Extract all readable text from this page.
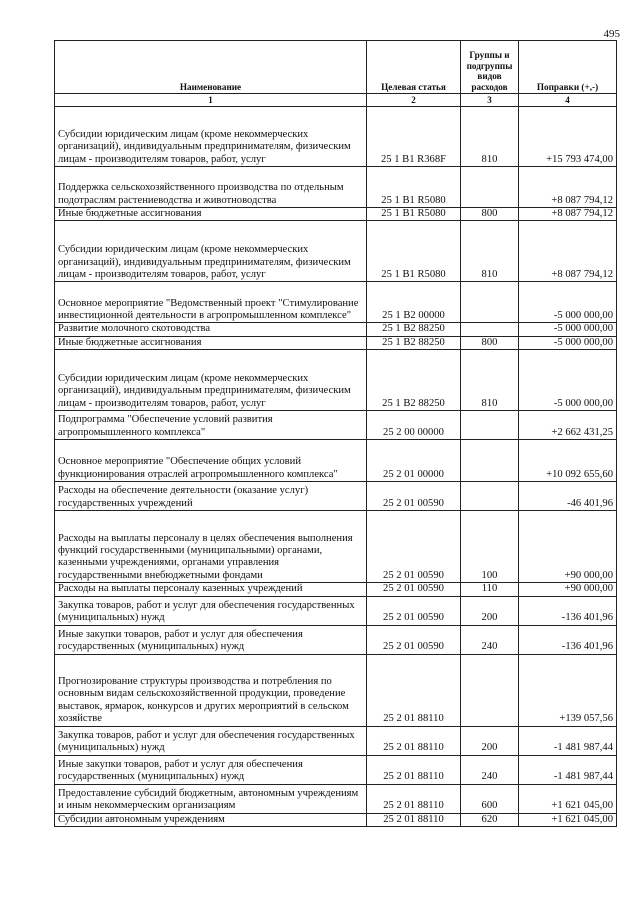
495
Наименование	Целевая статья	Группы и подгруппы видов расходов	Поправки (+,-)
1	2	3	4
Субсидии юридическим лицам (кроме некоммерческих организаций), индивидуальным предпринимателям, физическим лицам - производителям товаров, работ, услуг	25 1 B1 R368F	810	+15 793 474,00
Поддержка сельскохозяйственного производства по отдельным подотраслям растениеводства и животноводства	25 1 B1 R5080		+8 087 794,12
Иные бюджетные ассигнования	25 1 B1 R5080	800	+8 087 794,12
Субсидии юридическим лицам (кроме некоммерческих организаций), индивидуальным предпринимателям, физическим лицам - производителям товаров, работ, услуг	25 1 B1 R5080	810	+8 087 794,12
Основное мероприятие "Ведомственный проект "Стимулирование инвестиционной деятельности в агропромышленном комплексе"	25 1 B2 00000		-5 000 000,00
Развитие молочного скотоводства	25 1 B2 88250		-5 000 000,00
Иные бюджетные ассигнования	25 1 B2 88250	800	-5 000 000,00
Субсидии юридическим лицам (кроме некоммерческих организаций), индивидуальным предпринимателям, физическим лицам - производителям товаров, работ, услуг	25 1 B2 88250	810	-5 000 000,00
Подпрограмма "Обеспечение условий развития агропромышленного комплекса"	25 2 00 00000		+2 662 431,25
Основное мероприятие "Обеспечение общих условий функционирования отраслей агропромышленного комплекса"	25 2 01 00000		+10 092 655,60
Расходы на обеспечение деятельности (оказание услуг) государственных учреждений	25 2 01 00590		-46 401,96
Расходы на выплаты персоналу в целях обеспечения выполнения функций государственными (муниципальными) органами, казенными учреждениями, органами управления государственными внебюджетными фондами	25 2 01 00590	100	+90 000,00
Расходы на выплаты персоналу казенных учреждений	25 2 01 00590	110	+90 000,00
Закупка товаров, работ и услуг для обеспечения государственных (муниципальных) нужд	25 2 01 00590	200	-136 401,96
Иные закупки товаров, работ и услуг для обеспечения государственных (муниципальных) нужд	25 2 01 00590	240	-136 401,96
Прогнозирование структуры производства и потребления по основным видам сельскохозяйственной продукции, проведение выставок, ярмарок, конкурсов и других мероприятий в сельском хозяйстве	25 2 01 88110		+139 057,56
Закупка товаров, работ и услуг для обеспечения государственных (муниципальных) нужд	25 2 01 88110	200	-1 481 987,44
Иные закупки товаров, работ и услуг для обеспечения государственных (муниципальных) нужд	25 2 01 88110	240	-1 481 987,44
Предоставление субсидий бюджетным, автономным учреждениям и иным некоммерческим организациям	25 2 01 88110	600	+1 621 045,00
Субсидии автономным учреждениям	25 2 01 88110	620	+1 621 045,00
